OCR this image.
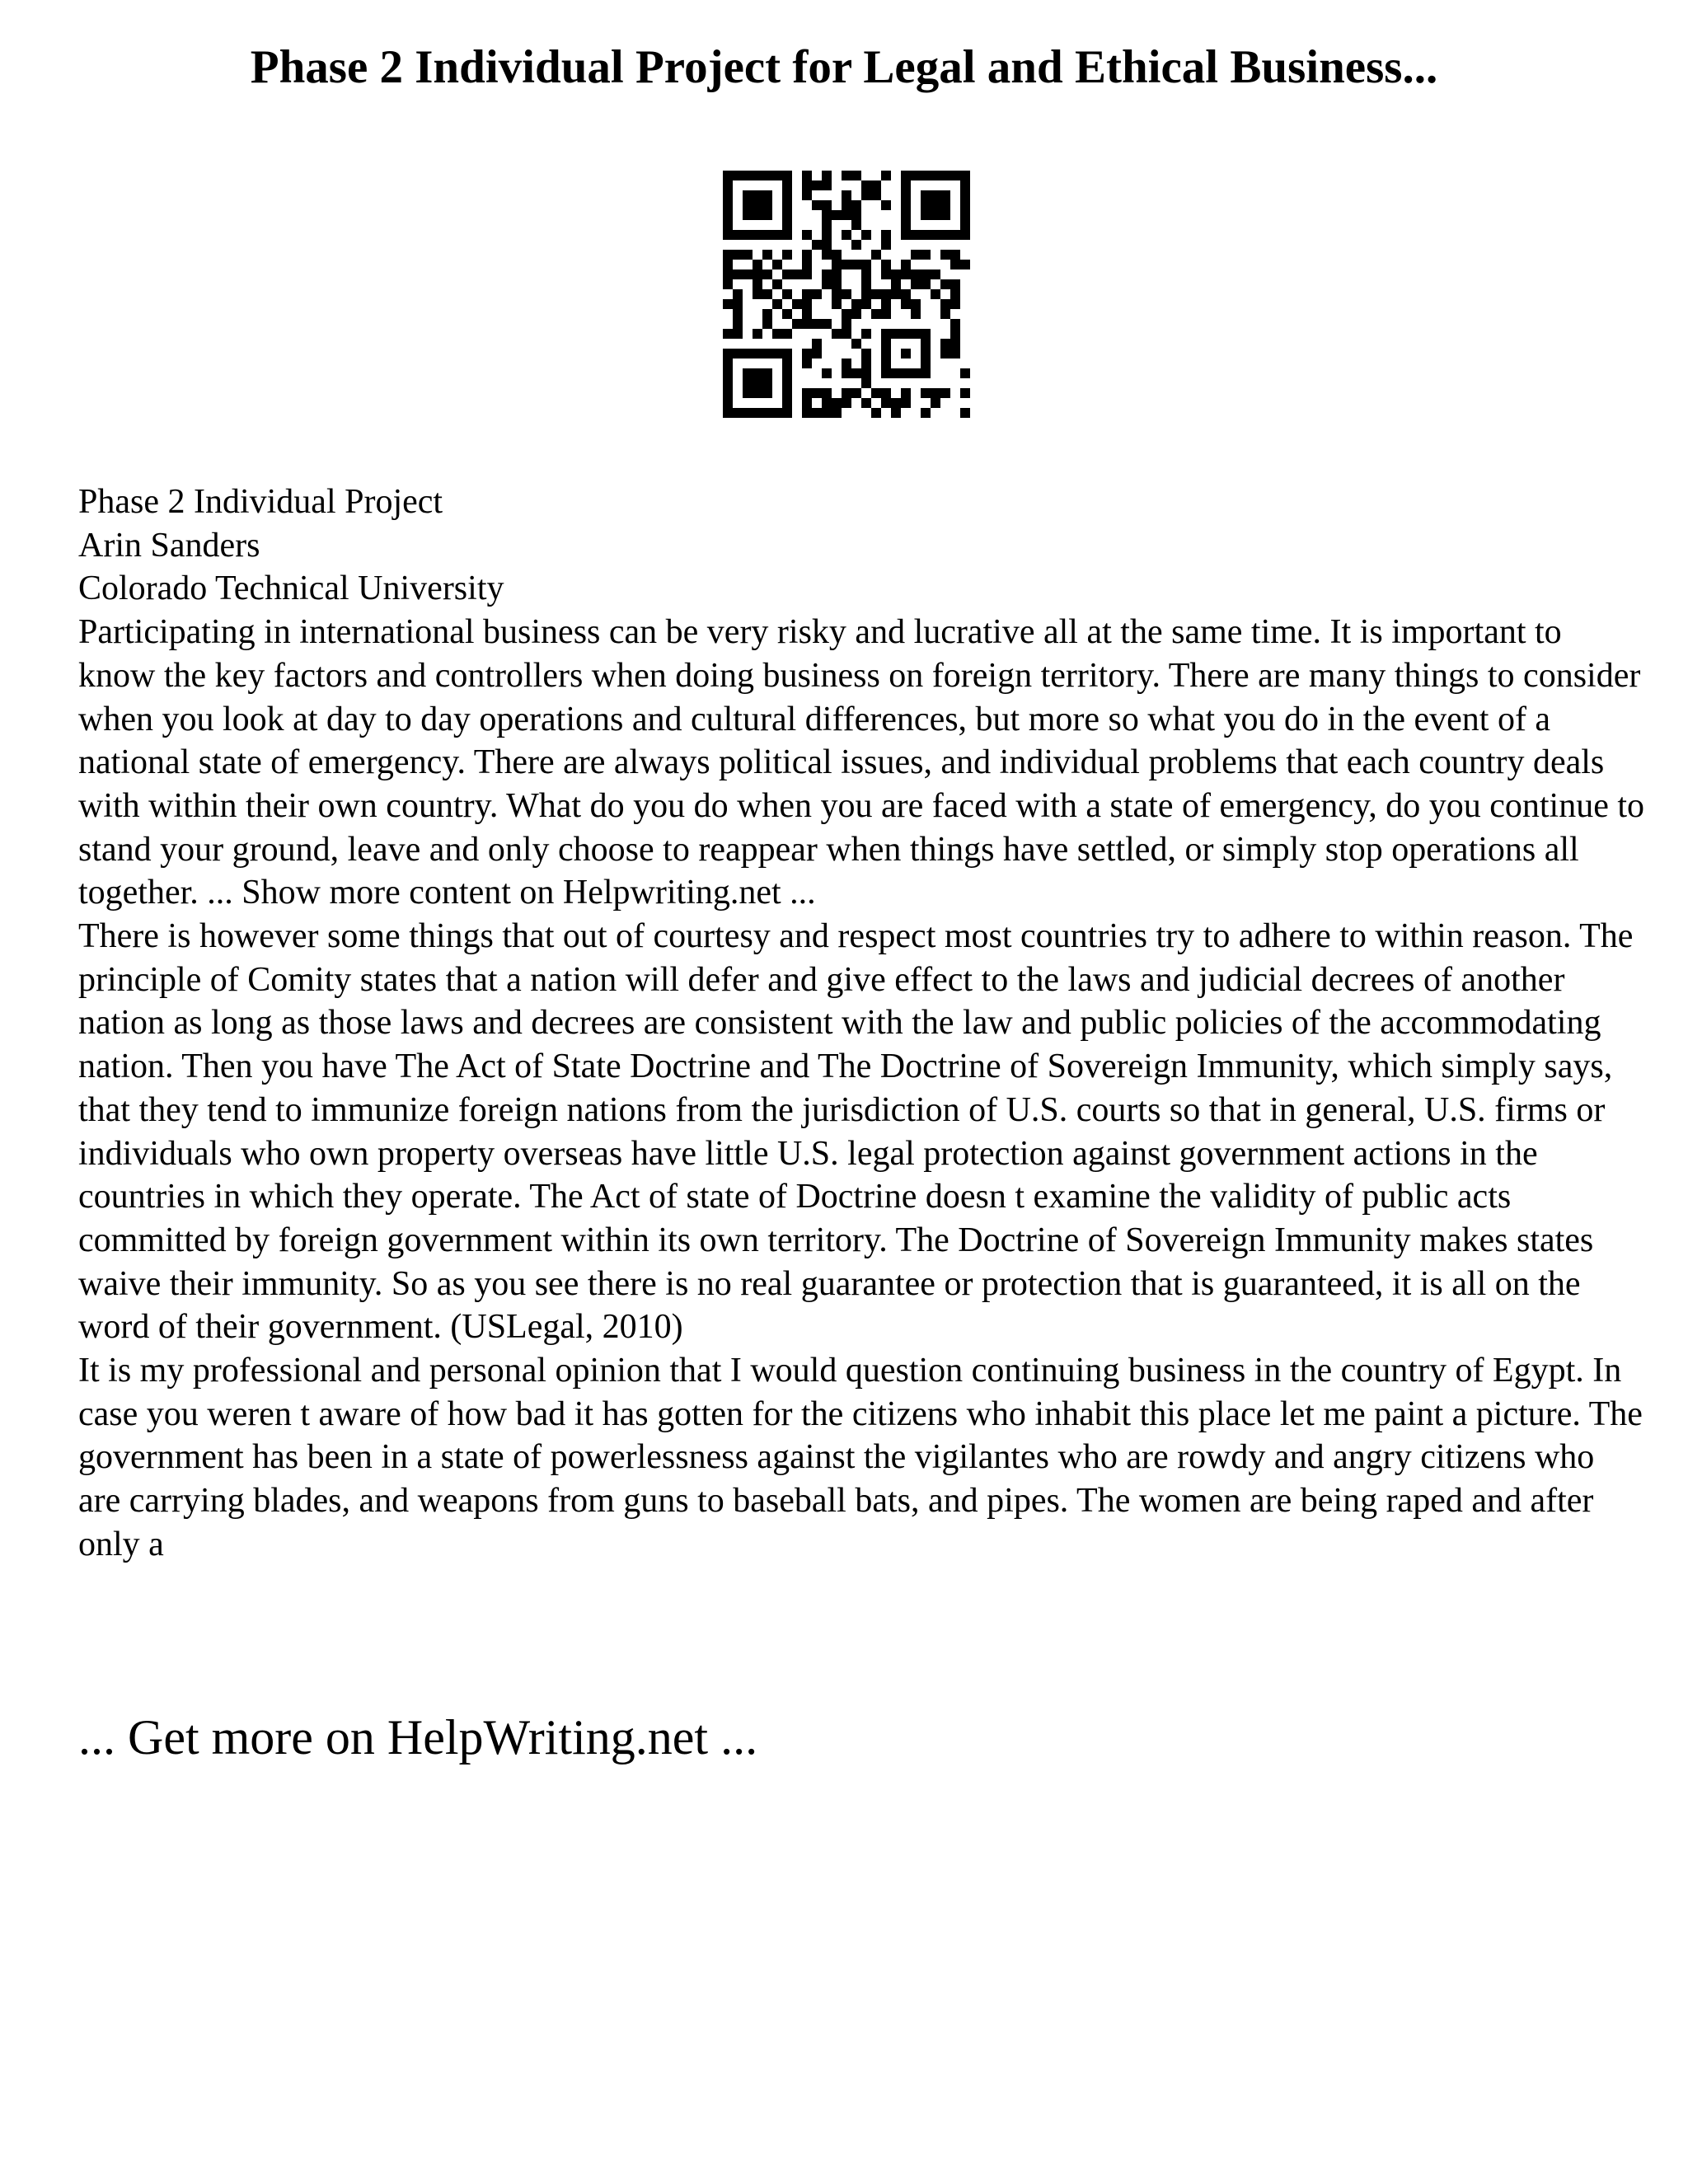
Phase 2 Individual Project for Legal and Ethical Business...

Phase 2 Individual Project

Arin Sanders

Colorado Technical University

Participating in international business can be very risky and lucrative all at the same time. It is important to know the key factors and controllers when doing business on foreign territory. There are many things to consider when you look at day to day operations and cultural differences, but more so what you do in the event of a national state of emergency. There are always political issues, and individual problems that each country deals with within their own country. What do you do when you are faced with a state of emergency, do you continue to stand your ground, leave and only choose to reappear when things have settled, or simply stop operations all together. ... Show more content on Helpwriting.net ...

There is however some things that out of courtesy and respect most countries try to adhere to within reason. The principle of Comity states that a nation will defer and give effect to the laws and judicial decrees of another nation as long as those laws and decrees are consistent with the law and public policies of the accommodating nation. Then you have The Act of State Doctrine and The Doctrine of Sovereign Immunity, which simply says, that they tend to immunize foreign nations from the jurisdiction of U.S. courts so that in general, U.S. firms or individuals who own property overseas have little U.S. legal protection against government actions in the countries in which they operate. The Act of state of Doctrine doesn t examine the validity of public acts committed by foreign government within its own territory. The Doctrine of Sovereign Immunity makes states waive their immunity. So as you see there is no real guarantee or protection that is guaranteed, it is all on the word of their government. (USLegal, 2010)

It is my professional and personal opinion that I would question continuing business in the country of Egypt. In case you weren t aware of how bad it has gotten for the citizens who inhabit this place let me paint a picture. The government has been in a state of powerlessness against the vigilantes who are rowdy and angry citizens who are carrying blades, and weapons from guns to baseball bats, and pipes. The women are being raped and after only a

... Get more on HelpWriting.net ...
